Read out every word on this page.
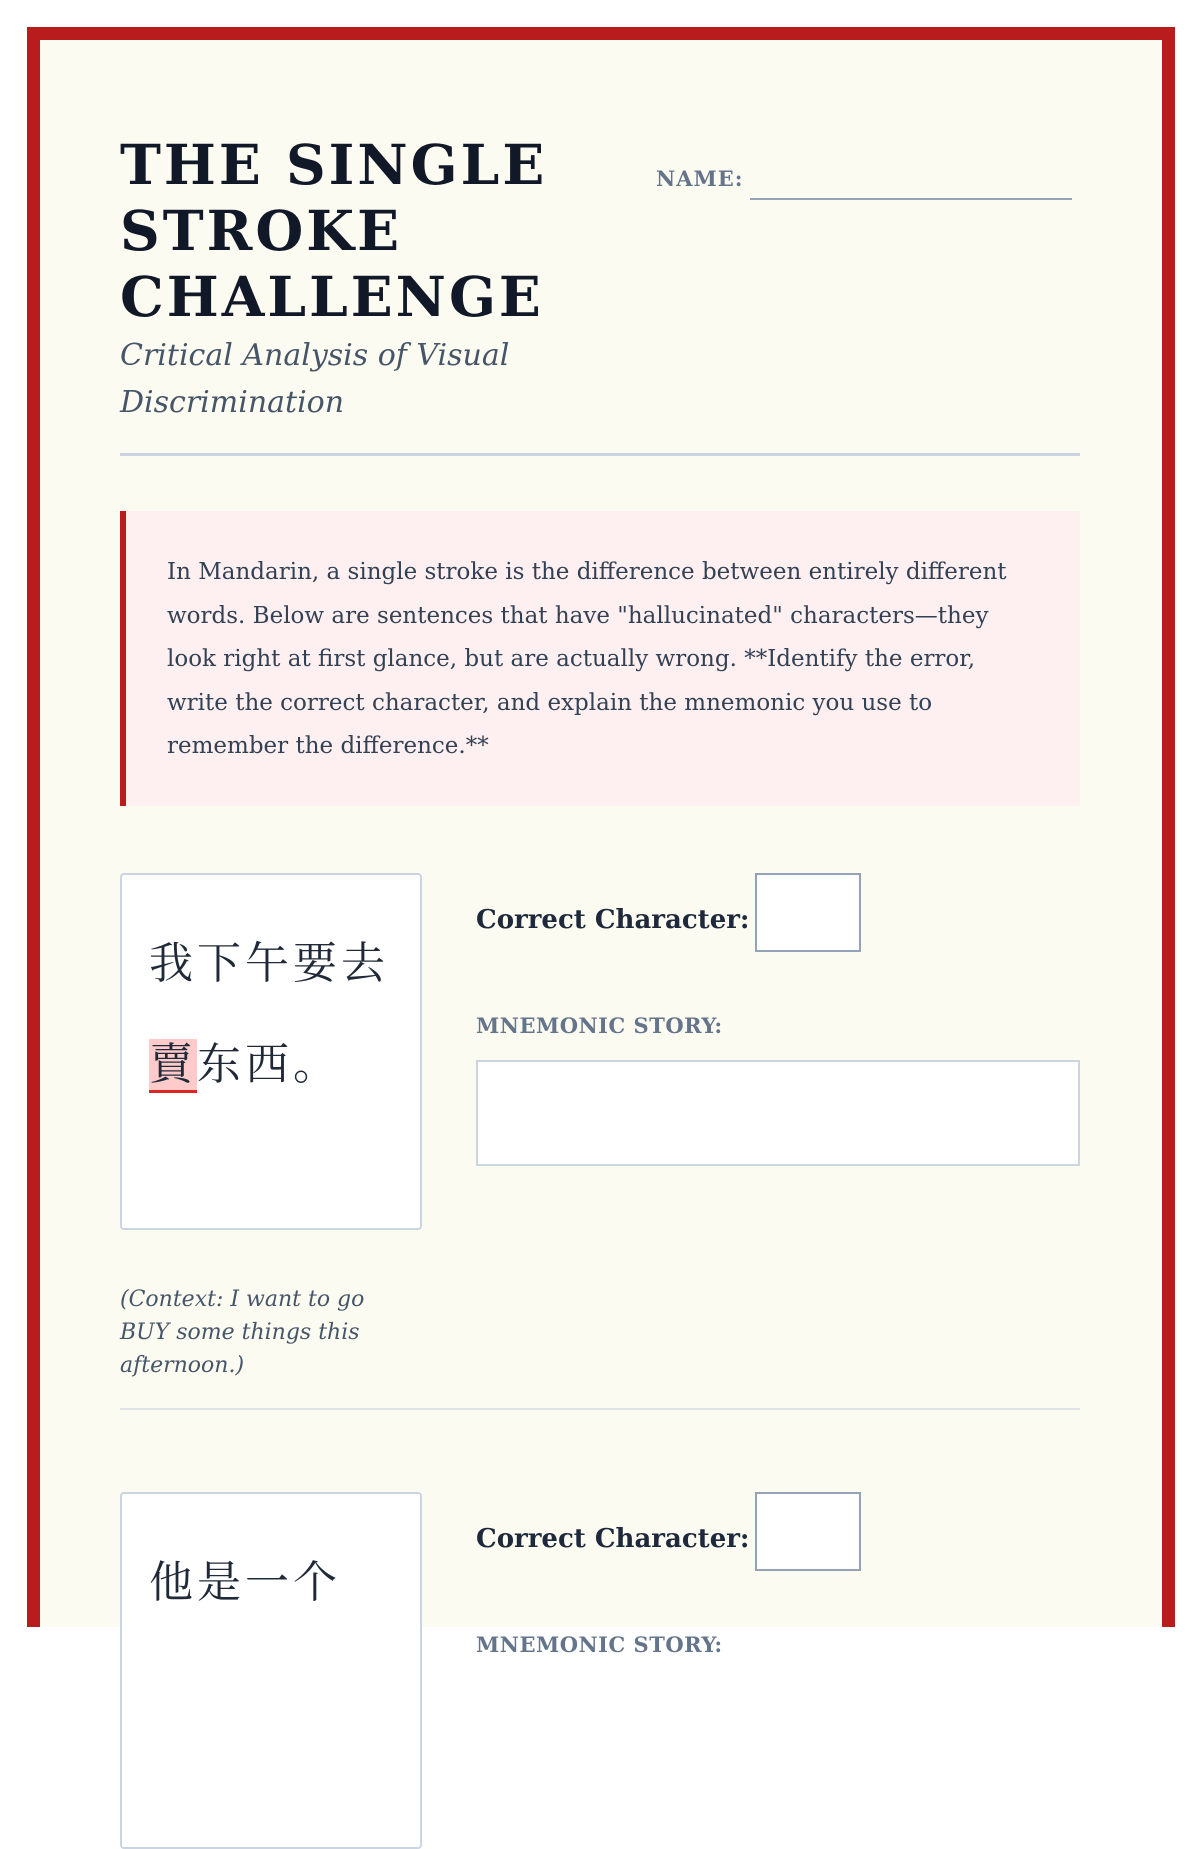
THE SINGLE STROKE CHALLENGE
Critical Analysis of Visual Discrimination
NAME:
In Mandarin, a single stroke is the difference between entirely different words. Below are sentences that have "hallucinated" characters—they look right at first glance, but are actually wrong. **Identify the error, write the correct character, and explain the mnemonic you use to remember the difference.**
我下午要去賣东西。
(Context: I want to go BUY some things this afternoon.)
Correct Character:
MNEMONIC STORY:
他是一个
Correct Character:
MNEMONIC STORY:
